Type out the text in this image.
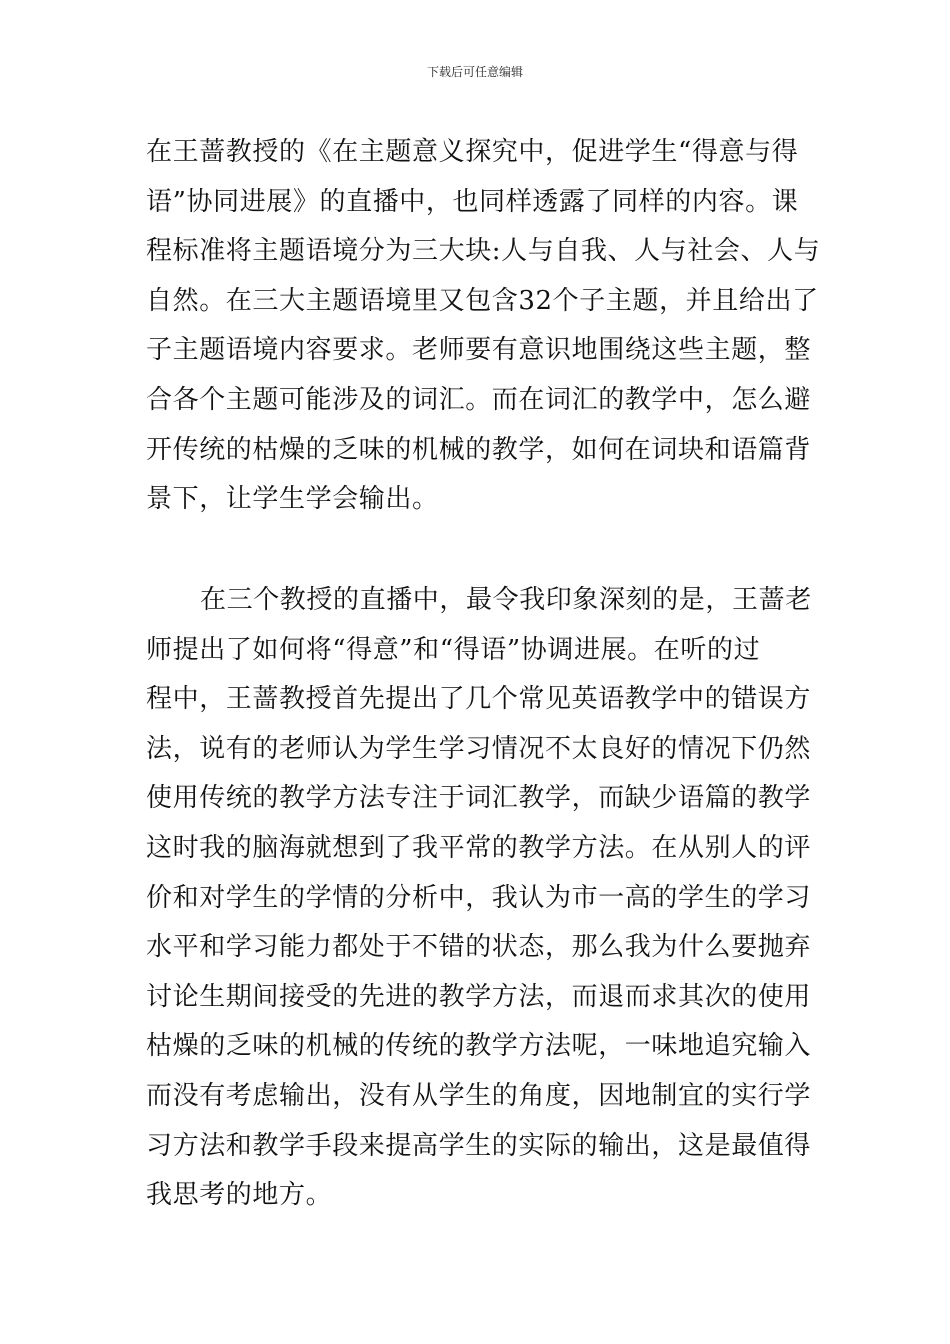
下载后可任意编辑
在王蔷教授的《在主题意义探究中，促进学生“得意与得
语”协同进展》的直播中，也同样透露了同样的内容。课
程标准将主题语境分为三大块:人与自我、人与社会、人与
自然。在三大主题语境里又包含32个子主题，并且给出了
子主题语境内容要求。老师要有意识地围绕这些主题，整
合各个主题可能涉及的词汇。而在词汇的教学中，怎么避
开传统的枯燥的乏味的机械的教学，如何在词块和语篇背
景下，让学生学会输出。
在三个教授的直播中，最令我印象深刻的是，王蔷老
师提出了如何将“得意”和“得语”协调进展。在听的过
程中，王蔷教授首先提出了几个常见英语教学中的错误方
法，说有的老师认为学生学习情况不太良好的情况下仍然
使用传统的教学方法专注于词汇教学，而缺少语篇的教学
这时我的脑海就想到了我平常的教学方法。在从别人的评
价和对学生的学情的分析中，我认为市一高的学生的学习
水平和学习能力都处于不错的状态，那么我为什么要抛弃
讨论生期间接受的先进的教学方法，而退而求其次的使用
枯燥的乏味的机械的传统的教学方法呢，一味地追究输入
而没有考虑输出，没有从学生的角度，因地制宜的实行学
习方法和教学手段来提高学生的实际的输出，这是最值得
我思考的地方。
